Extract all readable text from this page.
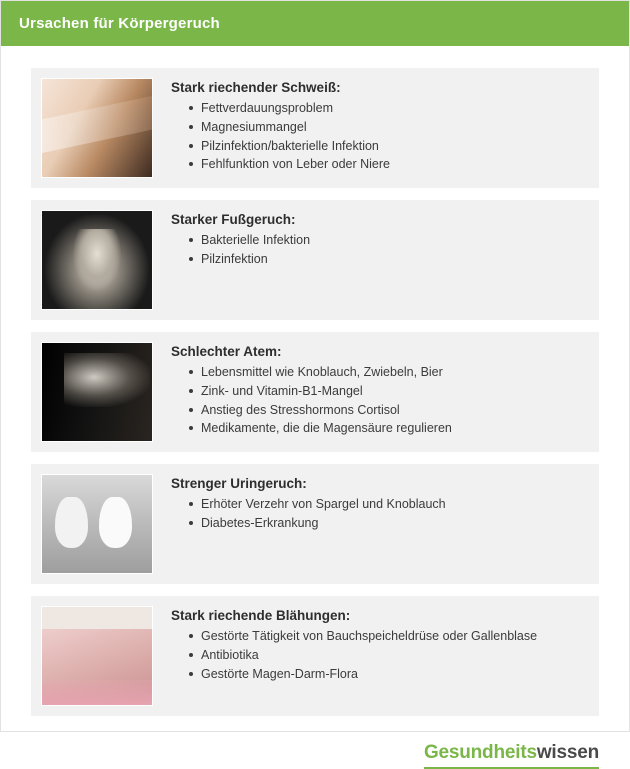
Ursachen für Körpergeruch
Stark riechender Schweiß:
Fettverdauungsproblem
Magnesiummangel
Pilzinfektion/bakterielle Infektion
Fehlfunktion von Leber oder Niere
Starker Fußgeruch:
Bakterielle Infektion
Pilzinfektion
Schlechter Atem:
Lebensmittel wie Knoblauch, Zwiebeln, Bier
Zink- und Vitamin-B1-Mangel
Anstieg des Stresshormons Cortisol
Medikamente, die die Magensäure regulieren
Strenger Uringeruch:
Erhöter Verzehr von Spargel und Knoblauch
Diabetes-Erkrankung
Stark riechende Blähungen:
Gestörte Tätigkeit von Bauchspeicheldrüse oder Gallenblase
Antibiotika
Gestörte Magen-Darm-Flora
Gesundheitswissen
